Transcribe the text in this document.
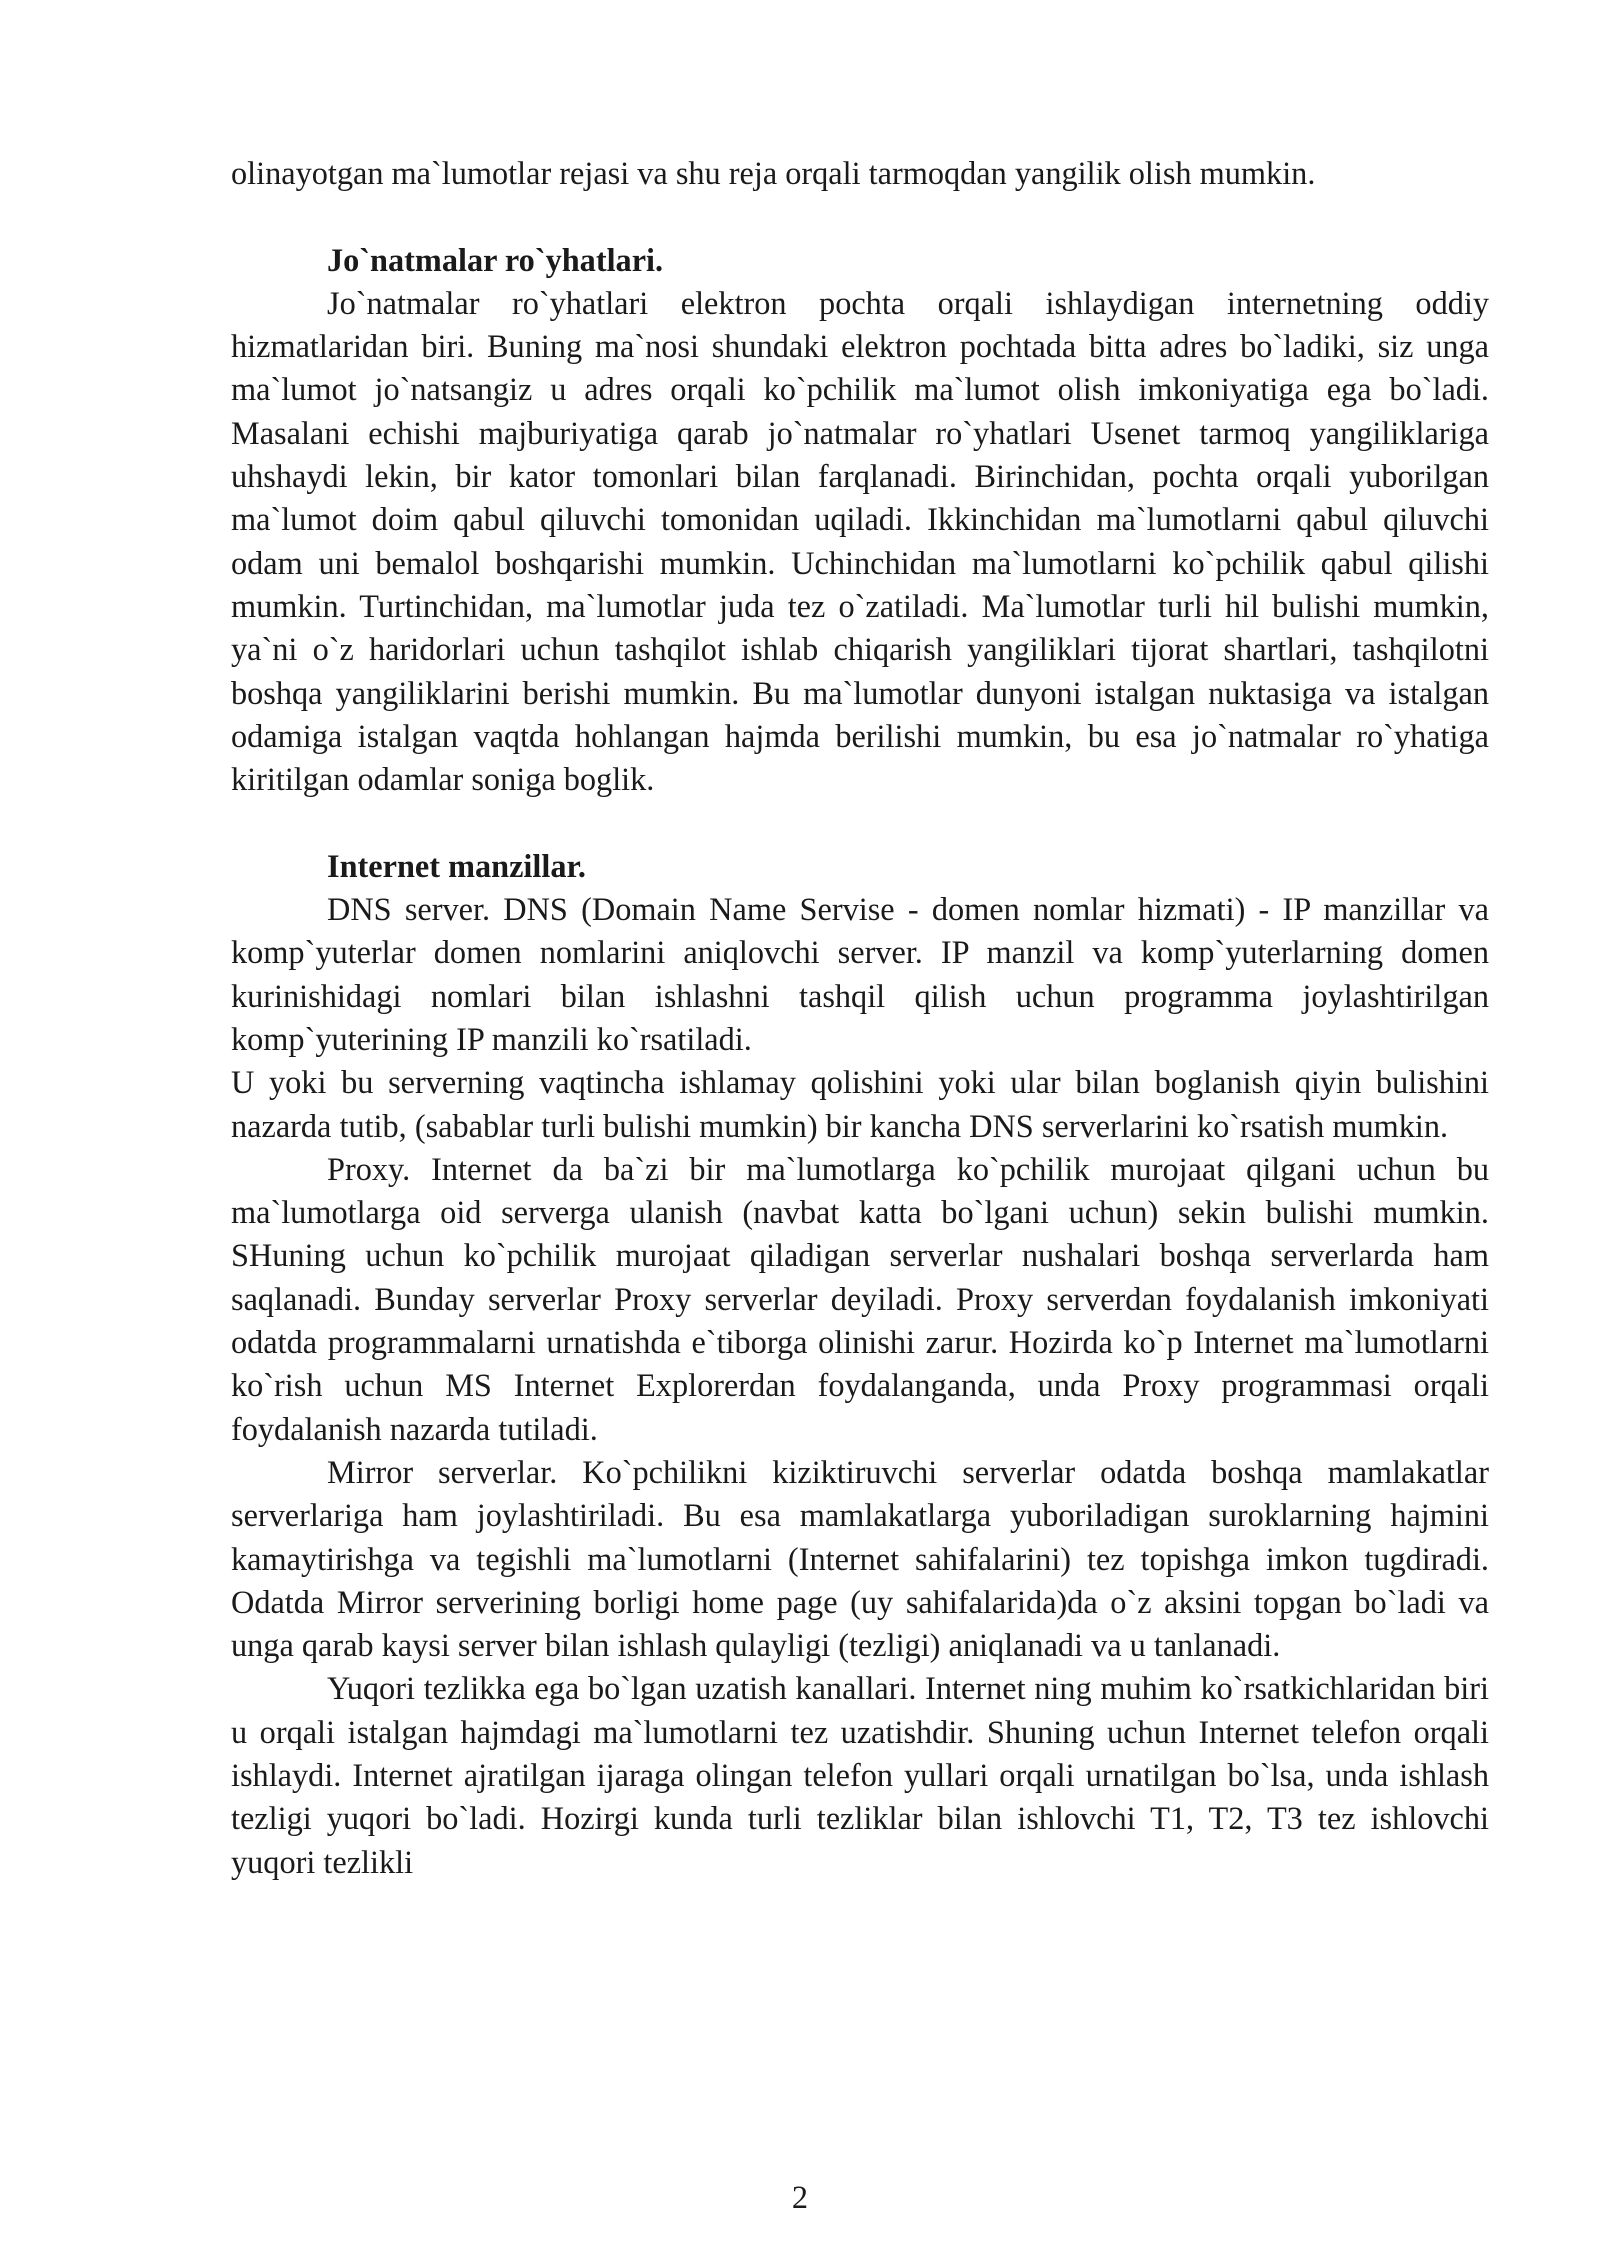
olinayotgan ma`lumotlar rejasi va shu reja orqali tarmoqdan yangilik olish mumkin.

Jo`natmalar ro`yhatlari.

Jo`natmalar ro`yhatlari elektron pochta orqali ishlaydigan internetning oddiy hizmatlaridan biri. Buning ma`nosi shundaki elektron pochtada bitta adres bo`ladiki, siz unga ma`lumot jo`natsangiz u adres orqali ko`pchilik ma`lumot olish imkoniyatiga ega bo`ladi. Masalani echishi majburiyatiga qarab jo`natmalar ro`yhatlari Usenet tarmoq yangiliklariga uhshaydi lekin, bir kator tomonlari bilan farqlanadi. Birinchidan, pochta orqali yuborilgan ma`lumot doim qabul qiluvchi tomonidan uqiladi. Ikkinchidan ma`lumotlarni qabul qiluvchi odam uni bemalol boshqarishi mumkin. Uchinchidan ma`lumotlarni ko`pchilik qabul qilishi mumkin. Turtinchidan, ma`lumotlar juda tez o`zatiladi. Ma`lumotlar turli hil bulishi mumkin, ya`ni o`z haridorlari uchun tashqilot ishlab chiqarish yangiliklari tijorat shartlari, tashqilotni boshqa yangiliklarini berishi mumkin. Bu ma`lumotlar dunyoni istalgan nuktasiga va istalgan odamiga istalgan vaqtda hohlangan hajmda berilishi mumkin, bu esa jo`natmalar ro`yhatiga kiritilgan odamlar soniga boglik.

Internet manzillar.

DNS server. DNS (Domain Name Servise - domen nomlar hizmati) - IP manzillar va komp`yuterlar domen nomlarini aniqlovchi server. IP manzil va komp`yuterlarning domen kurinishidagi nomlari bilan ishlashni tashqil qilish uchun programma joylashtirilgan komp`yuterining IP manzili ko`rsatiladi.

U yoki bu serverning vaqtincha ishlamay qolishini yoki ular bilan boglanish qiyin bulishini nazarda tutib, (sabablar turli bulishi mumkin) bir kancha DNS serverlarini ko`rsatish mumkin.

Proxy. Internet da ba`zi bir ma`lumotlarga ko`pchilik murojaat qilgani uchun bu ma`lumotlarga oid serverga ulanish (navbat katta bo`lgani uchun) sekin bulishi mumkin. SHuning uchun ko`pchilik murojaat qiladigan serverlar nushalari boshqa serverlarda ham saqlanadi. Bunday serverlar Proxy serverlar deyiladi. Proxy serverdan foydalanish imkoniyati odatda programmalarni urnatishda e`tiborga olinishi zarur. Hozirda ko`p Internet ma`lumotlarni ko`rish uchun MS Internet Explorerdan foydalanganda, unda Proxy programmasi orqali foydalanish nazarda tutiladi.

Mirror serverlar. Ko`pchilikni kiziktiruvchi serverlar odatda boshqa mamlakatlar serverlariga ham joylashtiriladi. Bu esa mamlakatlarga yuboriladigan suroklarning hajmini kamaytirishga va tegishli ma`lumotlarni (Internet sahifalarini) tez topishga imkon tugdiradi. Odatda Mirror serverining borligi home page (uy sahifalarida)da o`z aksini topgan bo`ladi va unga qarab kaysi server bilan ishlash qulayligi (tezligi) aniqlanadi va u tanlanadi.

Yuqori tezlikka ega bo`lgan uzatish kanallari. Internet ning muhim ko`rsatkichlaridan biri u orqali istalgan hajmdagi ma`lumotlarni tez uzatishdir. Shuning uchun Internet telefon orqali ishlaydi. Internet ajratilgan ijaraga olingan telefon yullari orqali urnatilgan bo`lsa, unda ishlash tezligi yuqori bo`ladi. Hozirgi kunda turli tezliklar bilan ishlovchi T1, T2, T3 tez ishlovchi yuqori tezlikli

2
